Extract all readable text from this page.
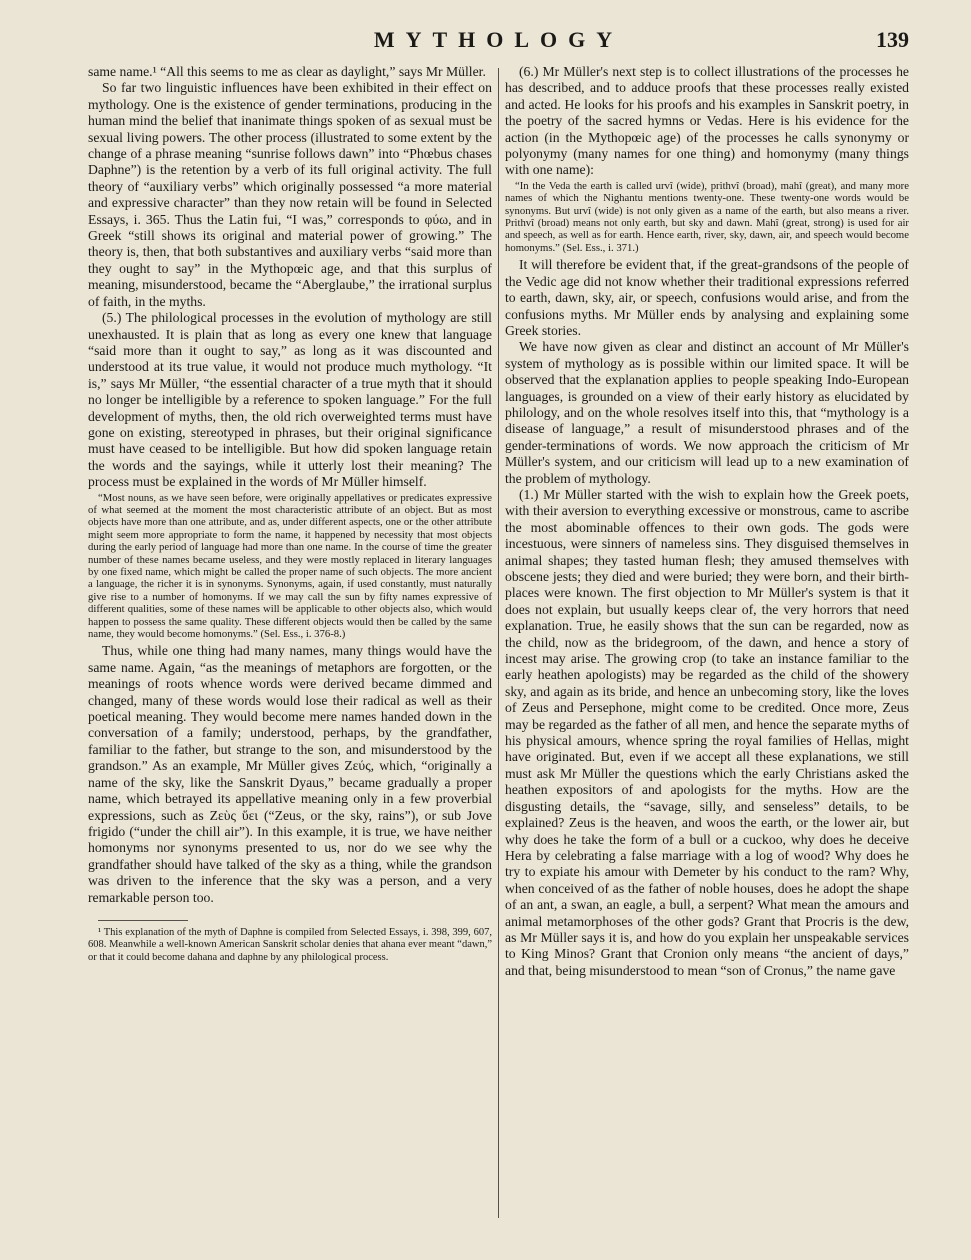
MYTHOLOGY	139

same name.¹ “All this seems to me as clear as daylight,” says Mr Müller.

So far two linguistic influences have been exhibited in their effect on mythology. One is the existence of gender terminations, producing in the human mind the belief that inanimate things spoken of as sexual must be sexual living powers. The other process (illustrated to some extent by the change of a phrase meaning “sunrise follows dawn” into “Phœbus chases Daphne”) is the retention by a verb of its full original activity. The full theory of “auxiliary verbs” which originally possessed “a more material and expressive character” than they now retain will be found in Selected Essays, i. 365. Thus the Latin fui, “I was,” corresponds to φύω, and in Greek “still shows its original and material power of growing.” The theory is, then, that both substantives and auxiliary verbs “said more than they ought to say” in the Mythopœic age, and that this surplus of meaning, misunderstood, became the “Aberglaube,” the irrational surplus of faith, in the myths.

(5.) The philological processes in the evolution of mythology are still unexhausted. It is plain that as long as every one knew that language “said more than it ought to say,” as long as it was discounted and understood at its true value, it would not produce much mythology. “It is,” says Mr Müller, “the essential character of a true myth that it should no longer be intelligible by a reference to spoken language.” For the full development of myths, then, the old rich overweighted terms must have gone on existing, stereotyped in phrases, but their original significance must have ceased to be intelligible. But how did spoken language retain the words and the sayings, while it utterly lost their meaning? The process must be explained in the words of Mr Müller himself.

“Most nouns, as we have seen before, were originally appellatives or predicates expressive of what seemed at the moment the most characteristic attribute of an object. But as most objects have more than one attribute, and as, under different aspects, one or the other attribute might seem more appropriate to form the name, it happened by necessity that most objects during the early period of language had more than one name. In the course of time the greater number of these names became useless, and they were mostly replaced in literary languages by one fixed name, which might be called the proper name of such objects. The more ancient a language, the richer it is in synonyms. Synonyms, again, if used constantly, must naturally give rise to a number of homonyms. If we may call the sun by fifty names expressive of different qualities, some of these names will be applicable to other objects also, which would happen to possess the same quality. These different objects would then be called by the same name, they would become homonyms.” (Sel. Ess., i. 376-8.)

Thus, while one thing had many names, many things would have the same name. Again, “as the meanings of metaphors are forgotten, or the meanings of roots whence words were derived became dimmed and changed, many of these words would lose their radical as well as their poetical meaning. They would become mere names handed down in the conversation of a family; understood, perhaps, by the grandfather, familiar to the father, but strange to the son, and misunderstood by the grandson.” As an example, Mr Müller gives Ζεύς, which, “originally a name of the sky, like the Sanskrit Dyaus,” became gradually a proper name, which betrayed its appellative meaning only in a few proverbial expressions, such as Ζεὺς ὕει (“Zeus, or the sky, rains”), or sub Jove frigido (“under the chill air”). In this example, it is true, we have neither homonyms nor synonyms presented to us, nor do we see why the grandfather should have talked of the sky as a thing, while the grandson was driven to the inference that the sky was a person, and a very remarkable person too.

¹ This explanation of the myth of Daphne is compiled from Selected Essays, i. 398, 399, 607, 608. Meanwhile a well-known American Sanskrit scholar denies that ahana ever meant “dawn,” or that it could become dahana and daphne by any philological process.

(6.) Mr Müller's next step is to collect illustrations of the processes he has described, and to adduce proofs that these processes really existed and acted. He looks for his proofs and his examples in Sanskrit poetry, in the poetry of the sacred hymns or Vedas. Here is his evidence for the action (in the Mythopœic age) of the processes he calls synonymy or polyonymy (many names for one thing) and homonymy (many things with one name):

“In the Veda the earth is called urvî (wide), prithvî (broad), mahî (great), and many more names of which the Nighantu mentions twenty-one. These twenty-one words would be synonyms. But urvî (wide) is not only given as a name of the earth, but also means a river. Prithvî (broad) means not only earth, but sky and dawn. Mahî (great, strong) is used for air and speech, as well as for earth. Hence earth, river, sky, dawn, air, and speech would become homonyms.” (Sel. Ess., i. 371.)

It will therefore be evident that, if the great-grandsons of the people of the Vedic age did not know whether their traditional expressions referred to earth, dawn, sky, air, or speech, confusions would arise, and from the confusions myths. Mr Müller ends by analysing and explaining some Greek stories.

We have now given as clear and distinct an account of Mr Müller's system of mythology as is possible within our limited space. It will be observed that the explanation applies to people speaking Indo-European languages, is grounded on a view of their early history as elucidated by philology, and on the whole resolves itself into this, that “mythology is a disease of language,” a result of misunderstood phrases and of the gender-terminations of words. We now approach the criticism of Mr Müller's system, and our criticism will lead up to a new examination of the problem of mythology.

(1.) Mr Müller started with the wish to explain how the Greek poets, with their aversion to everything excessive or monstrous, came to ascribe the most abominable offences to their own gods. The gods were incestuous, were sinners of nameless sins. They disguised themselves in animal shapes; they tasted human flesh; they amused themselves with obscene jests; they died and were buried; they were born, and their birth-places were known. The first objection to Mr Müller's system is that it does not explain, but usually keeps clear of, the very horrors that need explanation. True, he easily shows that the sun can be regarded, now as the child, now as the bridegroom, of the dawn, and hence a story of incest may arise. The growing crop (to take an instance familiar to the early heathen apologists) may be regarded as the child of the showery sky, and again as its bride, and hence an unbecoming story, like the loves of Zeus and Persephone, might come to be credited. Once more, Zeus may be regarded as the father of all men, and hence the separate myths of his physical amours, whence spring the royal families of Hellas, might have originated. But, even if we accept all these explanations, we still must ask Mr Müller the questions which the early Christians asked the heathen expositors of and apologists for the myths. How are the disgusting details, the “savage, silly, and senseless” details, to be explained? Zeus is the heaven, and woos the earth, or the lower air, but why does he take the form of a bull or a cuckoo, why does he deceive Hera by celebrating a false marriage with a log of wood? Why does he try to expiate his amour with Demeter by his conduct to the ram? Why, when conceived of as the father of noble houses, does he adopt the shape of an ant, a swan, an eagle, a bull, a serpent? What mean the amours and animal metamorphoses of the other gods? Grant that Procris is the dew, as Mr Müller says it is, and how do you explain her unspeakable services to King Minos? Grant that Cronion only means “the ancient of days,” and that, being misunderstood to mean “son of Cronus,” the name gave
